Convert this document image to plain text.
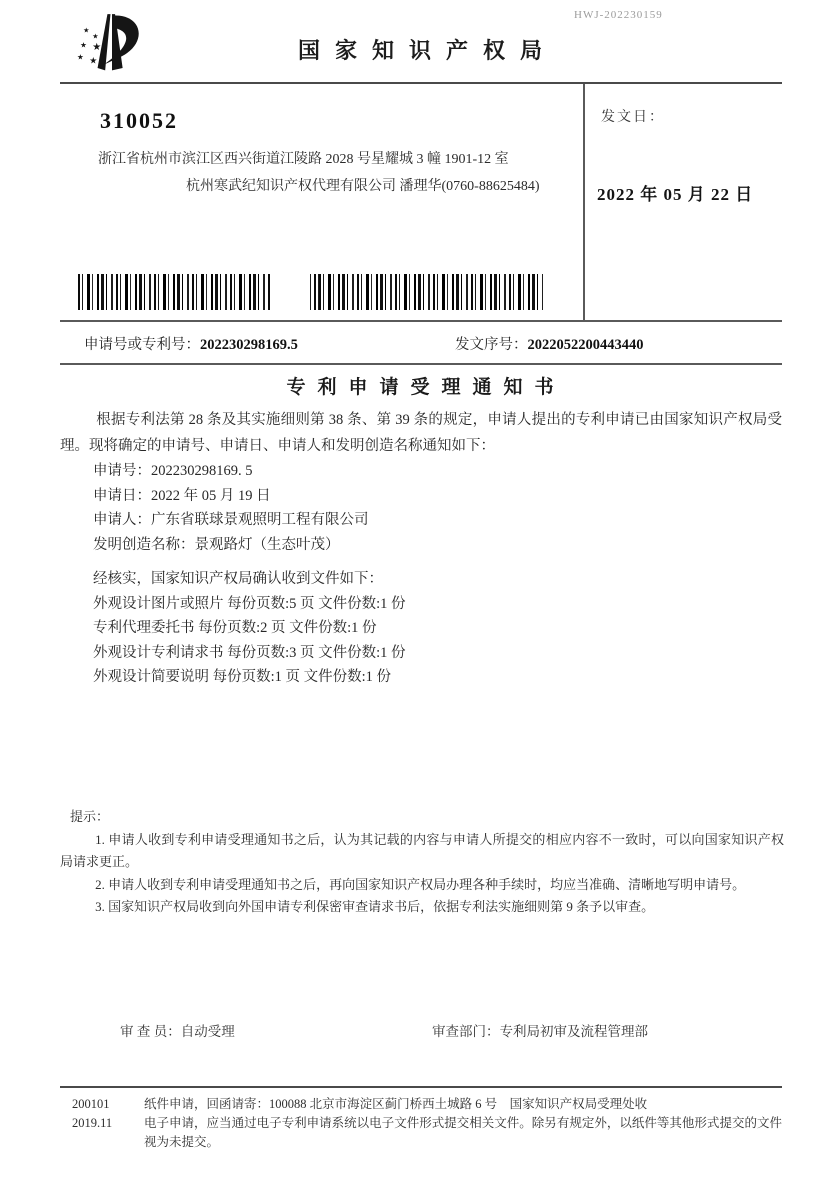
HWJ-202230159
★
★
★ ★
★ ★	国家知识产权局
310052
浙江省杭州市滨江区西兴街道江陵路 2028 号星耀城 3 幢 1901-12 室
杭州寒武纪知识产权代理有限公司 潘理华(0760-88625484)
发文日：
2022 年 05 月 22 日
申请号或专利号：202230298169.5	发文序号：2022052200443440
专利申请受理通知书

根据专利法第 28 条及其实施细则第 38 条、第 39 条的规定，申请人提出的专利申请已由国家知识产权局受理。现将确定的申请号、申请日、申请人和发明创造名称通知如下：

申请号：202230298169. 5
申请日：2022 年 05 月 19 日
申请人：广东省联球景观照明工程有限公司
发明创造名称：景观路灯（生态叶茂）
经核实，国家知识产权局确认收到文件如下：
外观设计图片或照片 每份页数:5 页 文件份数:1 份
专利代理委托书 每份页数:2 页 文件份数:1 份
外观设计专利请求书 每份页数:3 页 文件份数:1 份
外观设计简要说明 每份页数:1 页 文件份数:1 份
提示：

1. 申请人收到专利申请受理通知书之后，认为其记载的内容与申请人所提交的相应内容不一致时，可以向国家知识产权局请求更正。

2. 申请人收到专利申请受理通知书之后，再向国家知识产权局办理各种手续时，均应当准确、清晰地写明申请号。

3. 国家知识产权局收到向外国申请专利保密审查请求书后，依据专利法实施细则第 9 条予以审查。

审 查 员：自动受理	审查部门：专利局初审及流程管理部
200101	纸件申请，回函请寄：100088 北京市海淀区蓟门桥西土城路 6 号　国家知识产权局受理处收
2019.11	电子申请，应当通过电子专利申请系统以电子文件形式提交相关文件。除另有规定外，以纸件等其他形式提交的文件视为未提交。
